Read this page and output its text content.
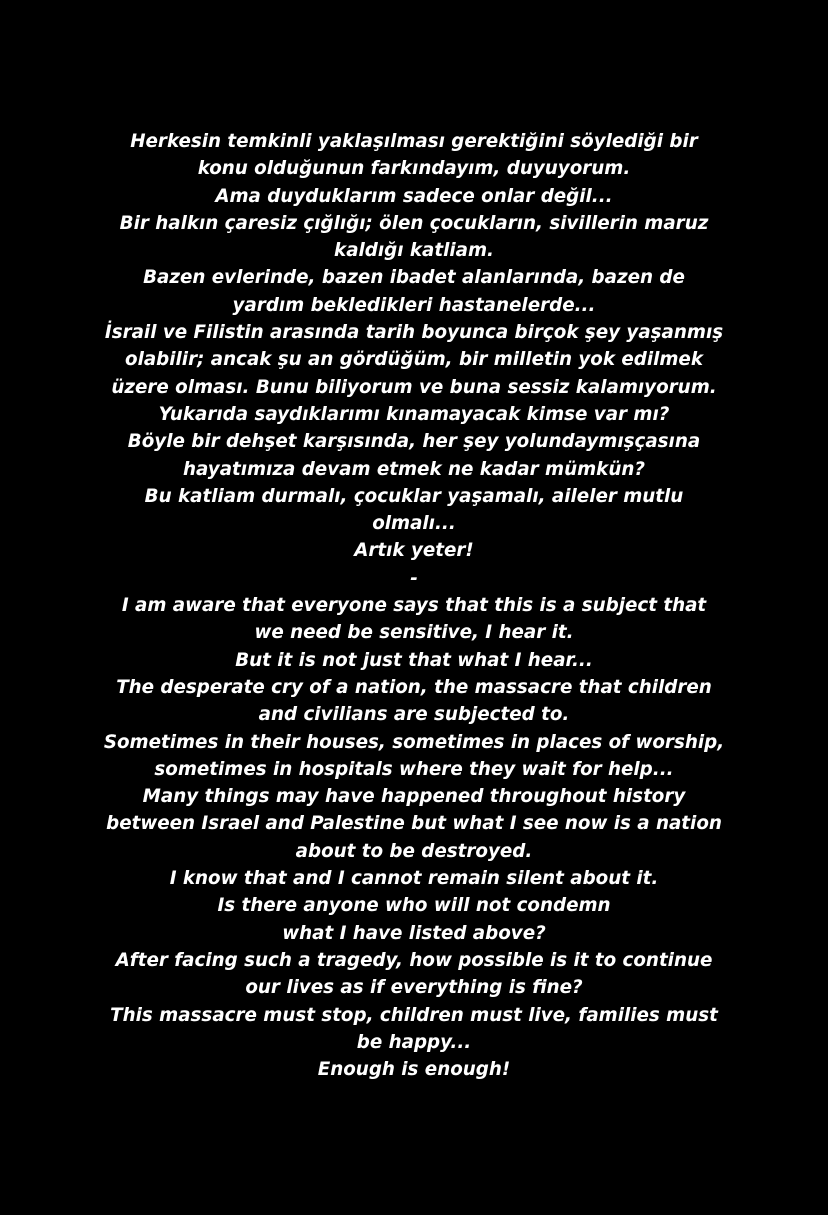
Herkesin temkinli yaklaşılması gerektiğini söylediği bir
konu olduğunun farkındayım, duyuyorum.
Ama duyduklarım sadece onlar değil...
Bir halkın çaresiz çığlığı; ölen çocukların, sivillerin maruz
kaldığı katliam.
Bazen evlerinde, bazen ibadet alanlarında, bazen de
yardım bekledikleri hastanelerde...
İsrail ve Filistin arasında tarih boyunca birçok şey yaşanmış
olabilir; ancak şu an gördüğüm, bir milletin yok edilmek
üzere olması. Bunu biliyorum ve buna sessiz kalamıyorum.
Yukarıda saydıklarımı kınamayacak kimse var mı?
Böyle bir dehşet karşısında, her şey yolundaymışçasına
hayatımıza devam etmek ne kadar mümkün?
Bu katliam durmalı, çocuklar yaşamalı, aileler mutlu
olmalı...
Artık yeter!
-
I am aware that everyone says that this is a subject that
we need be sensitive, I hear it.
But it is not just that what I hear...
The desperate cry of a nation, the massacre that children
and civilians are subjected to.
Sometimes in their houses, sometimes in places of worship,
sometimes in hospitals where they wait for help...
Many things may have happened throughout history
between Israel and Palestine but what I see now is a nation
about to be destroyed.
I know that and I cannot remain silent about it.
Is there anyone who will not condemn
what I have listed above?
After facing such a tragedy, how possible is it to continue
our lives as if everything is fine?
This massacre must stop, children must live, families must
be happy...
Enough is enough!
